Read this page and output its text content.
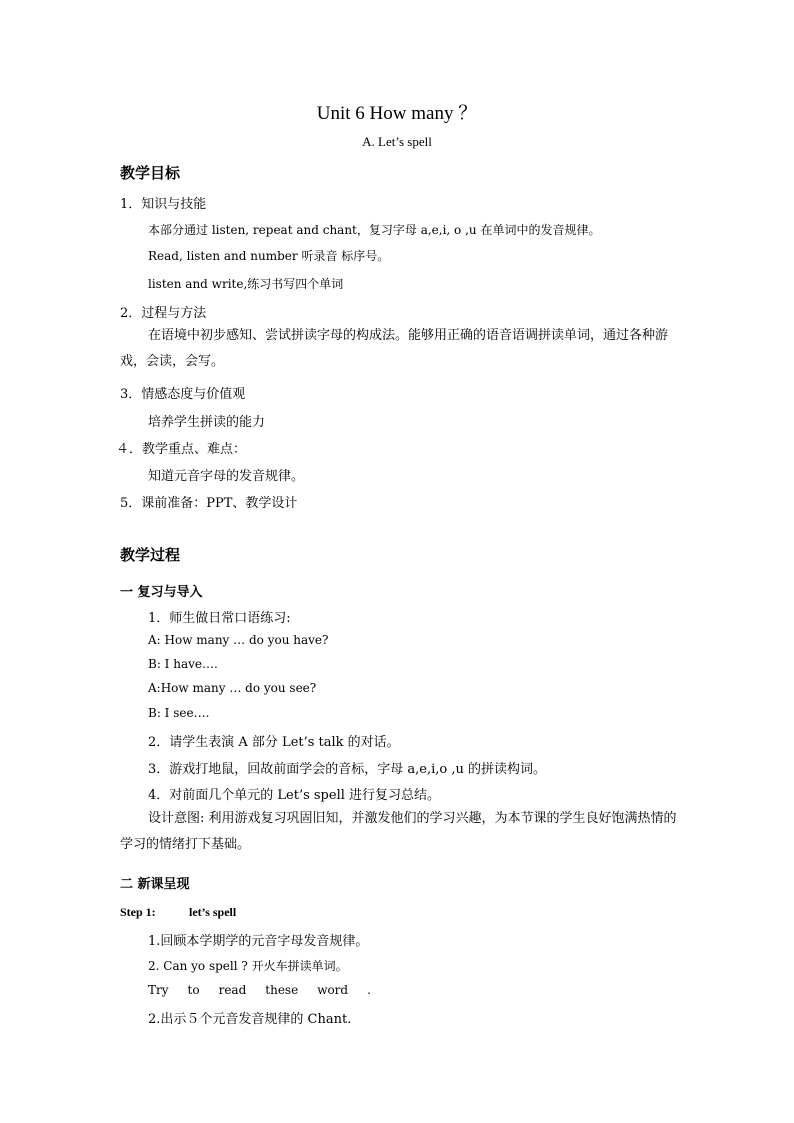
Unit 6 How many ？
A. Let’s spell
教学目标
1．知识与技能
本部分通过 listen, repeat and chant，复习字母 a,e,i, o ,u 在单词中的发音规律。
Read, listen and number 听录音 标序号。
listen and write,练习书写四个单词
2．过程与方法
在语境中初步感知、尝试拼读字母的构成法。能够用正确的语音语调拼读单词，通过各种游戏，会读，会写。
3．情感态度与价值观
培养学生拼读的能力
４．教学重点、难点：
知道元音字母的发音规律。
5．课前准备：PPT、教学设计
教学过程
一 复习与导入
1．师生做日常口语练习:
A: How many … do you have?
B: I have….
A:How many … do you see?
B: I see….
2．请学生表演 A 部分 Let’s talk 的对话。
3．游戏打地鼠，回故前面学会的音标，字母 a,e,i,o ,u 的拼读构词。
4．对前面几个单元的 Let’s spell 进行复习总结。
设计意图: 利用游戏复习巩固旧知，并激发他们的学习兴趣，为本节课的学生良好饱满热情的学习的情绪打下基础。
二 新课呈现
Step 1:	let’s spell
1.回顾本学期学的元音字母发音规律。
2. Can yo spell ? 开火车拼读单词。
Try to read these word .
2.出示５个元音发音规律的 Chant.
